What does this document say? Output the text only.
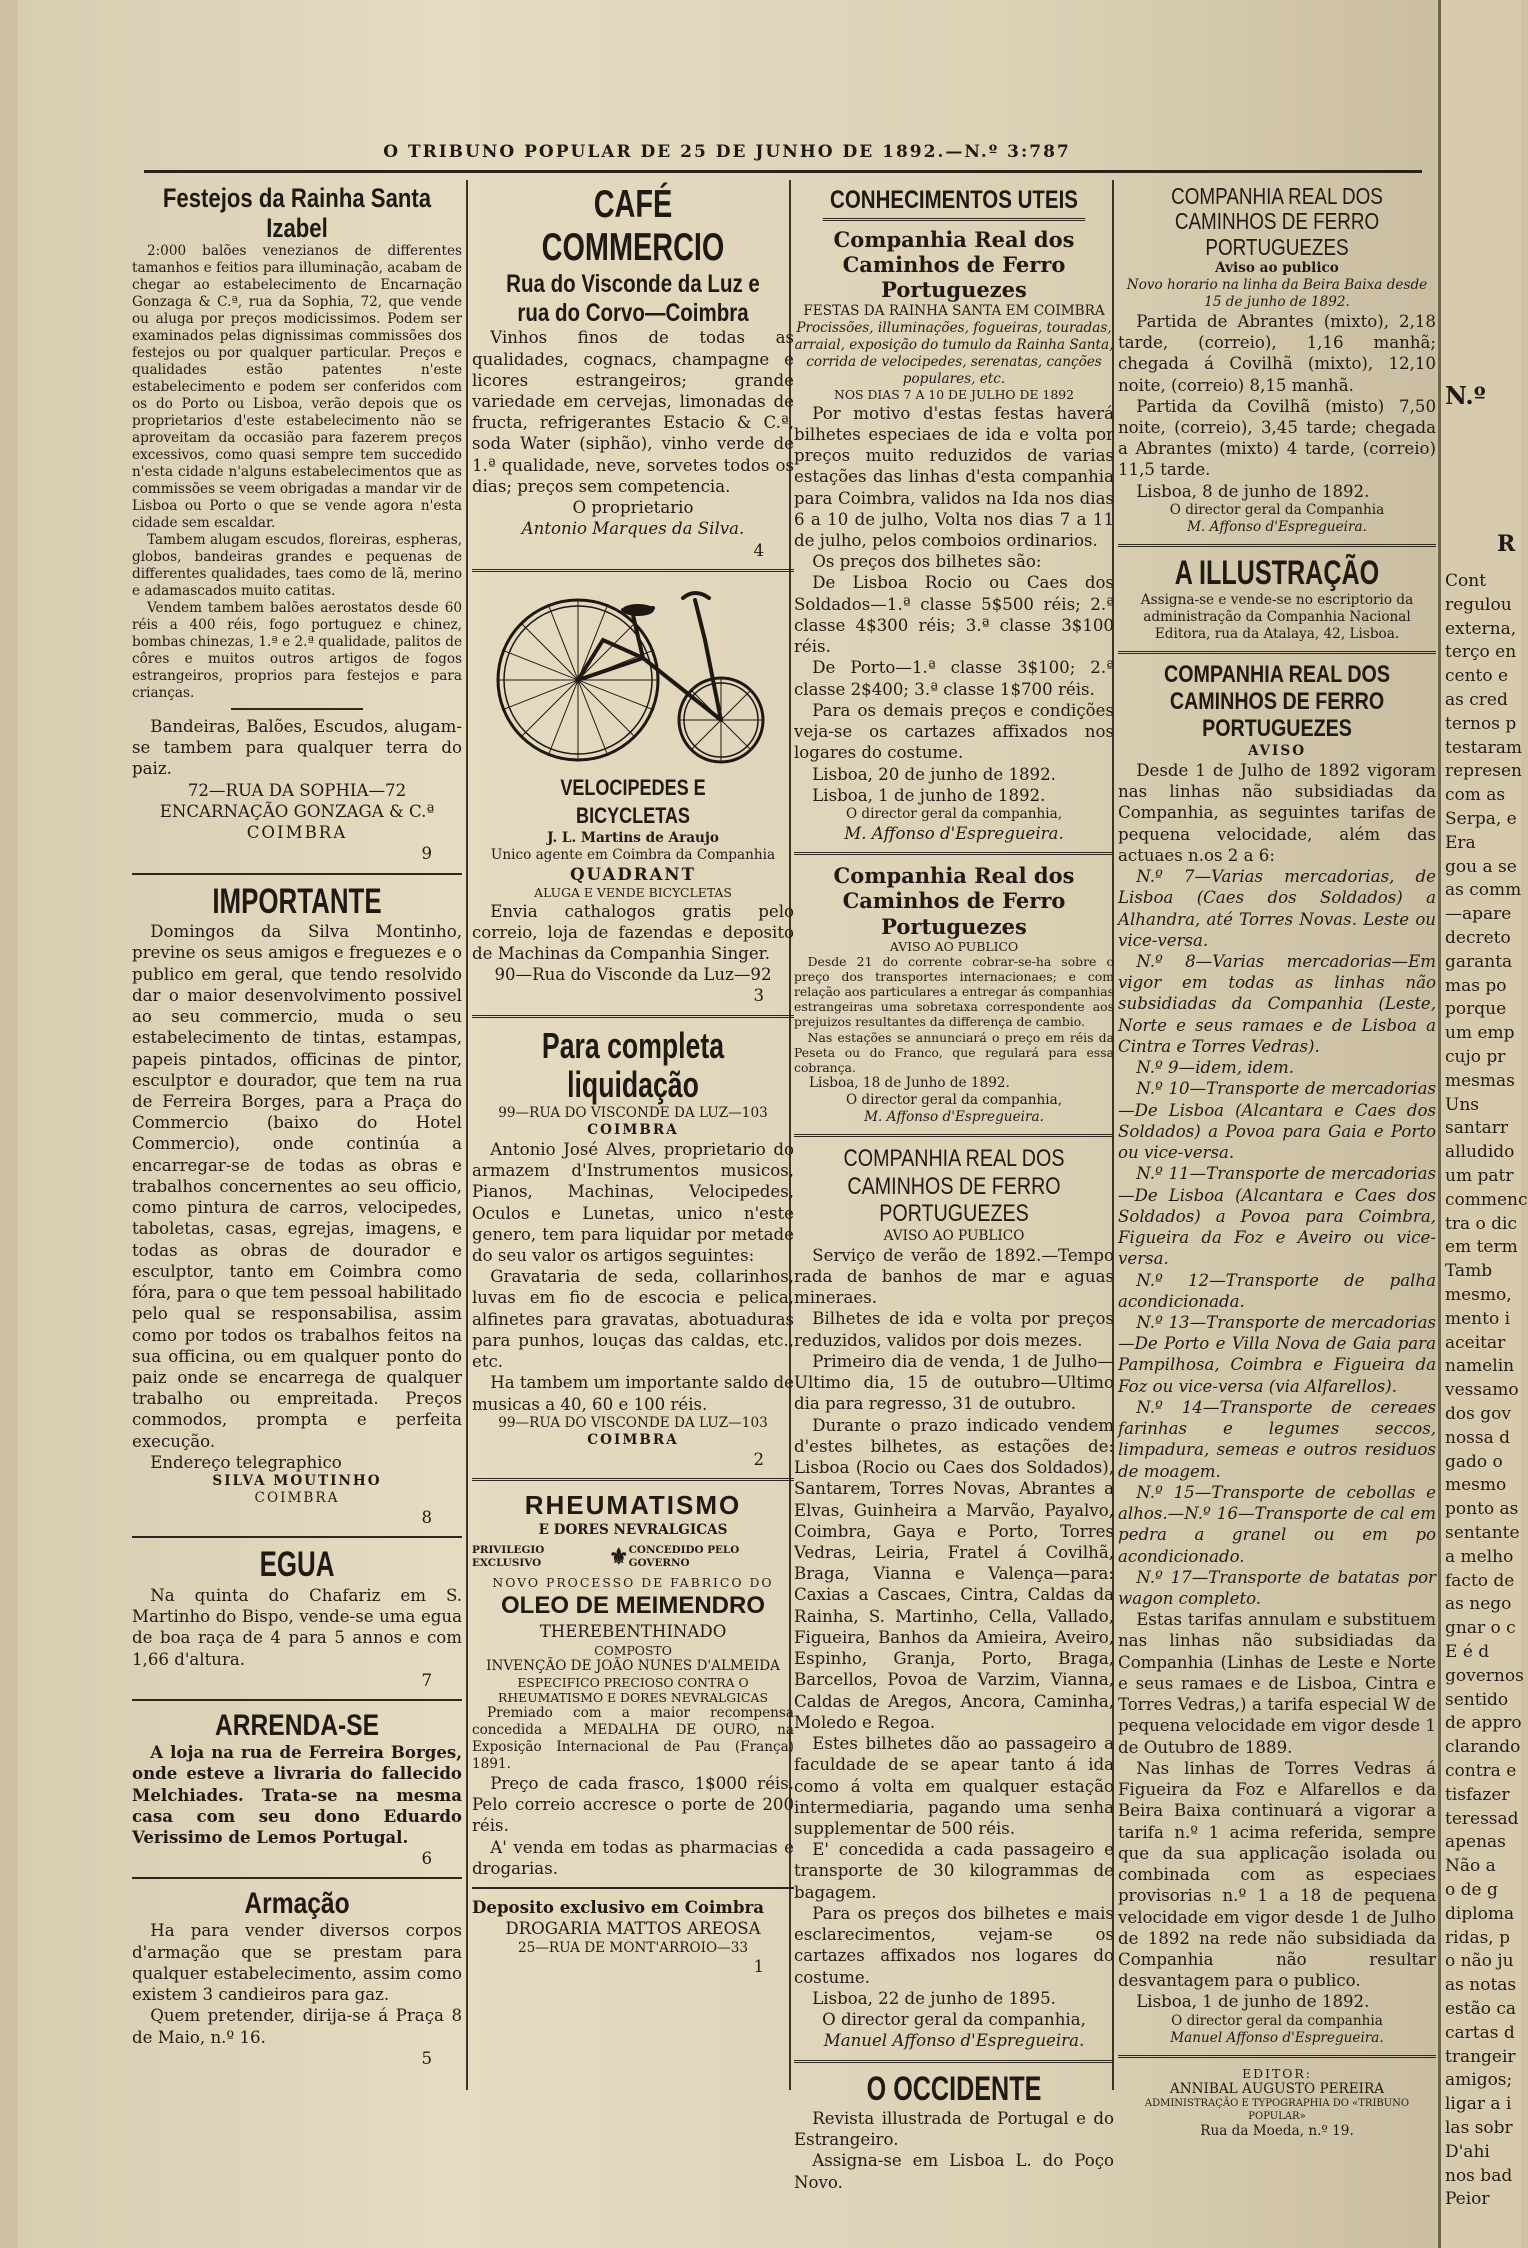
O TRIBUNO POPULAR DE 25 DE JUNHO DE 1892.—N.º 3:787
Festejos da Rainha Santa Izabel

2:000 balões venezianos de differentes tamanhos e feitios para illuminação, acabam de chegar ao estabelecimento de Encarnação Gonzaga & C.ª, rua da Sophia, 72, que vende ou aluga por preços modicissimos. Podem ser examinados pelas dignissimas commissões dos festejos ou por qualquer particular. Preços e qualidades estão patentes n'este estabelecimento e podem ser conferidos com os do Porto ou Lisboa, verão depois que os proprietarios d'este estabelecimento não se aproveitam da occasião para fazerem preços excessivos, como quasi sempre tem succedido n'esta cidade n'alguns estabelecimentos que as commissões se veem obrigadas a mandar vir de Lisboa ou Porto o que se vende agora n'esta cidade sem escaldar.

Tambem alugam escudos, floreiras, espheras, globos, bandeiras grandes e pequenas de differentes qualidades, taes como de lã, merino e adamascados muito catitas.

Vendem tambem balões aerostatos desde 60 réis a 400 réis, fogo portuguez e chinez, bombas chinezas, 1.ª e 2.ª qualidade, palitos de côres e muitos outros artigos de fogos estrangeiros, proprios para festejos e para crianças.

Bandeiras, Balões, Escudos, alugam-se tambem para qualquer terra do paiz.

72—RUA DA SOPHIA—72
ENCARNAÇÃO GONZAGA & C.ª
COIMBRA
9
IMPORTANTE

Domingos da Silva Montinho, previne os seus amigos e freguezes e o publico em geral, que tendo resolvido dar o maior desenvolvimento possivel ao seu commercio, muda o seu estabelecimento de tintas, estampas, papeis pintados, officinas de pintor, esculptor e dourador, que tem na rua de Ferreira Borges, para a Praça do Commercio (baixo do Hotel Commercio), onde continúa a encarregar-se de todas as obras e trabalhos concernentes ao seu officio, como pintura de carros, velocipedes, taboletas, casas, egrejas, imagens, e todas as obras de dourador e esculptor, tanto em Coimbra como fóra, para o que tem pessoal habilitado pelo qual se responsabilisa, assim como por todos os trabalhos feitos na sua officina, ou em qualquer ponto do paiz onde se encarrega de qualquer trabalho ou empreitada. Preços commodos, prompta e perfeita execução.

Endereço telegraphico

SILVA MOUTINHO
COIMBRA
8
EGUA

Na quinta do Chafariz em S. Martinho do Bispo, vende-se uma egua de boa raça de 4 para 5 annos e com 1,66 d'altura.

7
ARRENDA-SE

A loja na rua de Ferreira Borges, onde esteve a livraria do fallecido Melchiades. Trata-se na mesma casa com seu dono Eduardo Verissimo de Lemos Portugal.

6
Armação

Ha para vender diversos corpos d'armação que se prestam para qualquer estabelecimento, assim como existem 3 candieiros para gaz.

Quem pretender, dirija-se á Praça 8 de Maio, n.º 16.

5
CAFÉ COMMERCIO
Rua do Visconde da Luz e rua do Corvo—Coimbra

Vinhos finos de todas as qualidades, cognacs, champagne e licores estrangeiros; grande variedade em cervejas, limonadas de fructa, refrigerantes Estacio & C.ª, soda Water (siphão), vinho verde de 1.ª qualidade, neve, sorvetes todos os dias; preços sem competencia.

O proprietario
Antonio Marques da Silva.
4
VELOCIPEDES E BICYCLETAS
J. L. Martins de Araujo
Unico agente em Coimbra da Companhia
QUADRANT
ALUGA E VENDE BICYCLETAS

Envia cathalogos gratis pelo correio, loja de fazendas e deposito de Machinas da Companhia Singer.

90—Rua do Visconde da Luz—92
3
Para completa liquidação
99—RUA DO VISCONDE DA LUZ—103
COIMBRA

Antonio José Alves, proprietario do armazem d'Instrumentos musicos, Pianos, Machinas, Velocipedes, Oculos e Lunetas, unico n'este genero, tem para liquidar por metade do seu valor os artigos seguintes:

Gravataria de seda, collarinhos, luvas em fio de escocia e pelica, alfinetes para gravatas, abotuaduras para punhos, louças das caldas, etc., etc.

Ha tambem um importante saldo de musicas a 40, 60 e 100 réis.

99—RUA DO VISCONDE DA LUZ—103
COIMBRA
2
RHEUMATISMO
E DORES NEVRALGICAS
PRIVILEGIO EXCLUSIVO	⚜ CONCEDIDO PELO GOVERNO
NOVO PROCESSO DE FABRICO DO
OLEO DE MEIMENDRO
THEREBENTHINADO
COMPOSTO
INVENÇÃO DE JOÃO NUNES D'ALMEIDA
ESPECIFICO PRECIOSO CONTRA O RHEUMATISMO E DORES NEVRALGICAS

Premiado com a maior recompensa concedida a MEDALHA DE OURO, na Exposição Internacional de Pau (França) 1891.

Preço de cada frasco, 1$000 réis. Pelo correio accresce o porte de 200 réis.

A' venda em todas as pharmacias e drogarias.

Deposito exclusivo em Coimbra
DROGARIA MATTOS AREOSA
25—RUA DE MONT'ARROIO—33
1
CONHECIMENTOS UTEIS
Companhia Real dos Caminhos de Ferro Portuguezes
FESTAS DA RAINHA SANTA EM COIMBRA
Procissões, illuminações, fogueiras, touradas, arraial, exposição do tumulo da Rainha Santa, corrida de velocipedes, serenatas, canções populares, etc.
NOS DIAS 7 A 10 DE JULHO DE 1892

Por motivo d'estas festas haverá bilhetes especiaes de ida e volta por preços muito reduzidos de varias estações das linhas d'esta companhia para Coimbra, validos na Ida nos dias 6 a 10 de julho, Volta nos dias 7 a 11 de julho, pelos comboios ordinarios.

Os preços dos bilhetes são:

De Lisboa Rocio ou Caes dos Soldados—1.ª classe 5$500 réis; 2.ª classe 4$300 réis; 3.ª classe 3$100 réis.

De Porto—1.ª classe 3$100; 2.ª classe 2$400; 3.ª classe 1$700 réis.

Para os demais preços e condições veja-se os cartazes affixados nos logares do costume.

Lisboa, 20 de junho de 1892.

Lisboa, 1 de junho de 1892.

O director geral da companhia,
M. Affonso d'Espregueira.
Companhia Real dos Caminhos de Ferro Portuguezes
AVISO AO PUBLICO

Desde 21 do corrente cobrar-se-ha sobre o preço dos transportes internacionaes; e com relação aos particulares a entregar ás companhias estrangeiras uma sobretaxa correspondente aos prejuizos resultantes da differença de cambio.

Nas estações se annunciará o preço em réis da Peseta ou do Franco, que regulará para essa cobrança.

Lisboa, 18 de Junho de 1892.

O director geral da companhia,
M. Affonso d'Espregueira.
COMPANHIA REAL DOS CAMINHOS DE FERRO PORTUGUEZES
AVISO AO PUBLICO

Serviço de verão de 1892.—Tempo rada de banhos de mar e aguas mineraes.

Bilhetes de ida e volta por preços reduzidos, validos por dois mezes.

Primeiro dia de venda, 1 de Julho—Ultimo dia, 15 de outubro—Ultimo dia para regresso, 31 de outubro.

Durante o prazo indicado vendem d'estes bilhetes, as estações de: Lisboa (Rocio ou Caes dos Soldados), Santarem, Torres Novas, Abrantes a Elvas, Guinheira a Marvão, Payalvo, Coimbra, Gaya e Porto, Torres Vedras, Leiria, Fratel á Covilhã, Braga, Vianna e Valença—para: Caxias a Cascaes, Cintra, Caldas da Rainha, S. Martinho, Cella, Vallado, Figueira, Banhos da Amieira, Aveiro, Espinho, Granja, Porto, Braga, Barcellos, Povoa de Varzim, Vianna, Caldas de Aregos, Ancora, Caminha, Moledo e Regoa.

Estes bilhetes dão ao passageiro a faculdade de se apear tanto á ida como á volta em qualquer estação intermediaria, pagando uma senha supplementar de 500 réis.

E' concedida a cada passageiro e transporte de 30 kilogrammas de bagagem.

Para os preços dos bilhetes e mais esclarecimentos, vejam-se os cartazes affixados nos logares do costume.

Lisboa, 22 de junho de 1895.

O director geral da companhia,
Manuel Affonso d'Espregueira.
O OCCIDENTE

Revista illustrada de Portugal e do Estrangeiro.

Assigna-se em Lisboa L. do Poço Novo.

COMPANHIA REAL DOS CAMINHOS DE FERRO PORTUGUEZES
Aviso ao publico
Novo horario na linha da Beira Baixa desde 15 de junho de 1892.

Partida de Abrantes (mixto), 2,18 tarde, (correio), 1,16 manhã; chegada á Covilhã (mixto), 12,10 noite, (correio) 8,15 manhã.

Partida da Covilhã (misto) 7,50 noite, (correio), 3,45 tarde; chegada a Abrantes (mixto) 4 tarde, (correio) 11,5 tarde.

Lisboa, 8 de junho de 1892.

O director geral da Companhia
M. Affonso d'Espregueira.
A ILLUSTRAÇÃO
Assigna-se e vende-se no escriptorio da administração da Companhia Nacional Editora, rua da Atalaya, 42, Lisboa.
COMPANHIA REAL DOS CAMINHOS DE FERRO PORTUGUEZES
AVISO

Desde 1 de Julho de 1892 vigoram nas linhas não subsidiadas da Companhia, as seguintes tarifas de pequena velocidade, além das actuaes n.os 2 a 6:

N.º 7—Varias mercadorias, de Lisboa (Caes dos Soldados) a Alhandra, até Torres Novas. Leste ou vice-versa.

N.º 8—Varias mercadorias—Em vigor em todas as linhas não subsidiadas da Companhia (Leste, Norte e seus ramaes e de Lisboa a Cintra e Torres Vedras).

N.º 9—idem, idem.

N.º 10—Transporte de mercadorias—De Lisboa (Alcantara e Caes dos Soldados) a Povoa para Gaia e Porto ou vice-versa.

N.º 11—Transporte de mercadorias—De Lisboa (Alcantara e Caes dos Soldados) a Povoa para Coimbra, Figueira da Foz e Aveiro ou vice-versa.

N.º 12—Transporte de palha acondicionada.

N.º 13—Transporte de mercadorias—De Porto e Villa Nova de Gaia para Pampilhosa, Coimbra e Figueira da Foz ou vice-versa (via Alfarellos).

N.º 14—Transporte de cereaes farinhas e legumes seccos, limpadura, semeas e outros residuos de moagem.

N.º 15—Transporte de cebollas e alhos.—N.º 16—Transporte de cal em pedra a granel ou em po acondicionado.

N.º 17—Transporte de batatas por wagon completo.

Estas tarifas annulam e substituem nas linhas não subsidiadas da Companhia (Linhas de Leste e Norte e seus ramaes e de Lisboa, Cintra e Torres Vedras,) a tarifa especial W de pequena velocidade em vigor desde 1 de Outubro de 1889.

Nas linhas de Torres Vedras á Figueira da Foz e Alfarellos e da Beira Baixa continuará a vigorar a tarifa n.º 1 acima referida, sempre que da sua applicação isolada ou combinada com as especiaes provisorias n.º 1 a 18 de pequena velocidade em vigor desde 1 de Julho de 1892 na rede não subsidiada da Companhia não resultar desvantagem para o publico.

Lisboa, 1 de junho de 1892.

O director geral da companhia
Manuel Affonso d'Espregueira.
EDITOR:
ANNIBAL AUGUSTO PEREIRA
ADMINISTRAÇÃO E TYPOGRAPHIA DO «TRIBUNO POPULAR»
Rua da Moeda, n.º 19.
N.º
R
Cont
regulou
externa,
terço en
cento e
as cred
ternos p
testaram
represen
com as
Serpa, e
Era
gou a se
as comm
—apare
decreto
garanta
mas po
porque
um emp
cujo pr
mesmas
Uns
santarr
alludido
um patr
commenc
tra o dic
em term
Tamb
mesmo,
mento i
aceitar
namelin
vessamo
dos gov
nossa d
gado o
mesmo
ponto as
sentante
a melho
facto de
as nego
gnar o c
E é d
governos
sentido
de appro
clarando
contra e
tisfazer
teressad
apenas
Não a
o de g
diploma
ridas, p
o não ju
as notas
estão ca
cartas d
trangeir
amigos;
ligar a i
las sobr
D'ahi
nos bad
Peior
